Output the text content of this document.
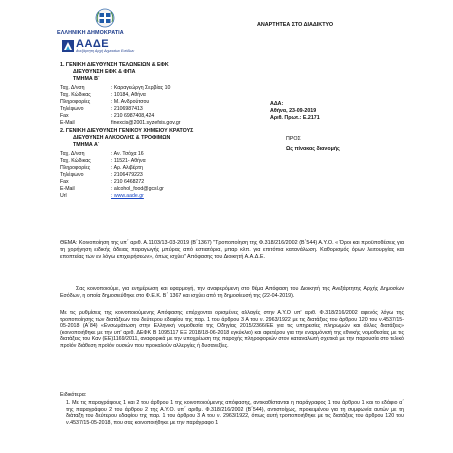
ΕΛΛΗΝΙΚΗ ΔΗΜΟΚΡΑΤΙΑ
ΑΑΔΕ
Ανεξάρτητη Αρχή Δημοσίων Εσόδων
ΑΝΑΡΤΗΤΕΑ ΣΤΟ ΔΙΑΔΙΚΤΥΟ
1. ΓΕΝΙΚΗ ΔΙΕΥΘΥΝΣΗ ΤΕΛΩΝΕΙΩΝ & ΕΦΚ
ΔΙΕΥΘΥΝΣΗ ΕΦΚ & ΦΠΑ
ΤΜΗΜΑ Β΄
Ταχ. Δ/νση	: Καραγεώργη Σερβίας 10
Ταχ. Κώδικας	: 10184, Αθήνα
Πληροφορίες	: Μ. Ανδρούτσου
Τηλέφωνο	: 2106987413
Fax	: 210 6987408,424
E-Mail	finexcis@2001.syzefxis.gov.gr
2. ΓΕΝΙΚΗ ΔΙΕΥΘΥΝΣΗ ΓΕΝΙΚΟΥ ΧΗΜΕΙΟΥ ΚΡΑΤΟΥΣ
ΔΙΕΥΘΥΝΣΗ ΑΛΚΟΟΛΗΣ & ΤΡΟΦΙΜΩΝ
ΤΜΗΜΑ Α΄
Ταχ. Δ/νση	: Αν. Τσόχα 16
Ταχ. Κώδικας	: 11521- Αθήνα
Πληροφορίες	: Αρ. Αλιβέρτη
Τηλέφωνο	: 2106479223
Fax	: 210 6468272
E-Mail	: alcohol_food@gcsl.gr
Url	: www.aade.gr
ΑΔΑ:
Αθήνα, 23-09-2019
Αριθ. Πρωτ.: Ε.2171
ΠΡΟΣ
Ως πίνακας διανομής
ΘΕΜΑ: Κοινοποίηση της υπ΄ αριθ. Α.1103/13-03-2019 (Β΄1367) "Τροποποίηση της Φ.318/216/2002 (Β΄544) Α.Υ.Ο. « Όροι και προϋποθέσεις για τη χορήγηση ειδικής άδειας παραγωγής μπύρας από εστιατόρια, μπαρ κλπ. για επιτόπια κατανάλωση. Καθορισμός όρων λειτουργίας και εποπτείας των εν λόγω επιχειρήσεων», όπως ισχύει" Απόφασης του Διοικητή Α.Α.Δ.Ε.
Σας κοινοποιούμε, για ενημέρωση και εφαρμογή, την αναφερόμενη στο θέμα Απόφαση του Διοικητή της Ανεξάρτητης Αρχής Δημοσίων Εσόδων, η οποία δημοσιεύθηκε στο Φ.Ε.Κ. Β΄ 1367 και ισχύει από τη δημοσίευσή της (22-04-2019).
Με τις ρυθμίσεις της κοινοποιούμενης Απόφασης επέρχονται ορισμένες αλλαγές στην Α.Υ.Ο υπ' αριθ. Φ.318/216/2002 αφενός λόγω της τροποποίησης των διατάξεων του δεύτερου εδαφίου της παρ. 1 του άρθρου 3 Α του ν. 2963/1922 με τις διατάξεις του άρθρου 120 του ν.4537/15-05-2018 (Α΄84) «Ενσωμάτωση στην Ελληνική νομοθεσία της Οδηγίας 2015/2366/ΕΕ για τις υπηρεσίες πληρωμών και άλλες διατάξεις» (κοινοποιήθηκε με την υπ' αριθ. ΔΕΦΚ Β 1095117 ΕΞ 2018/18-06-2018 εγκύκλιο) και αφετέρου για την εναρμόνισή της εθνικής νομοθεσίας με τις διατάξεις του Καν (ΕΕ)1169/2011, αναφορικά με την υποχρέωση της παροχής πληροφοριών στον καταναλωτή σχετικά με την παρουσία στο τελικό προϊόν διάθεση προϊόν ουσιών που προκαλούν αλλεργίες ή δυσανεξίες.
Ειδικότερα:
1. Με τις παραγράφους 1 και 2 του άρθρου 1 της κοινοποιούμενης απόφασης, αντικαθίστανται η παράγραφος 1 του άρθρου 1 και το εδάφιο α΄ της παραγράφου 2 του άρθρου 2 της Α.Υ.Ο. υπ΄ αριθμ. Φ.318/216/2002 (Β΄544), αντιστοίχως, προκειμένου για τη συμφωνία αυτών με τη διάταξη του δεύτερου εδαφίου της παρ. 1 του άρθρου 3 Α του ν. 2963/1922, όπως αυτή τροποποιήθηκε με τις διατάξεις του άρθρου 120 του ν.4537/15-05-2018, που σας κοινοποιήθηκε με την παράγραφο 1
